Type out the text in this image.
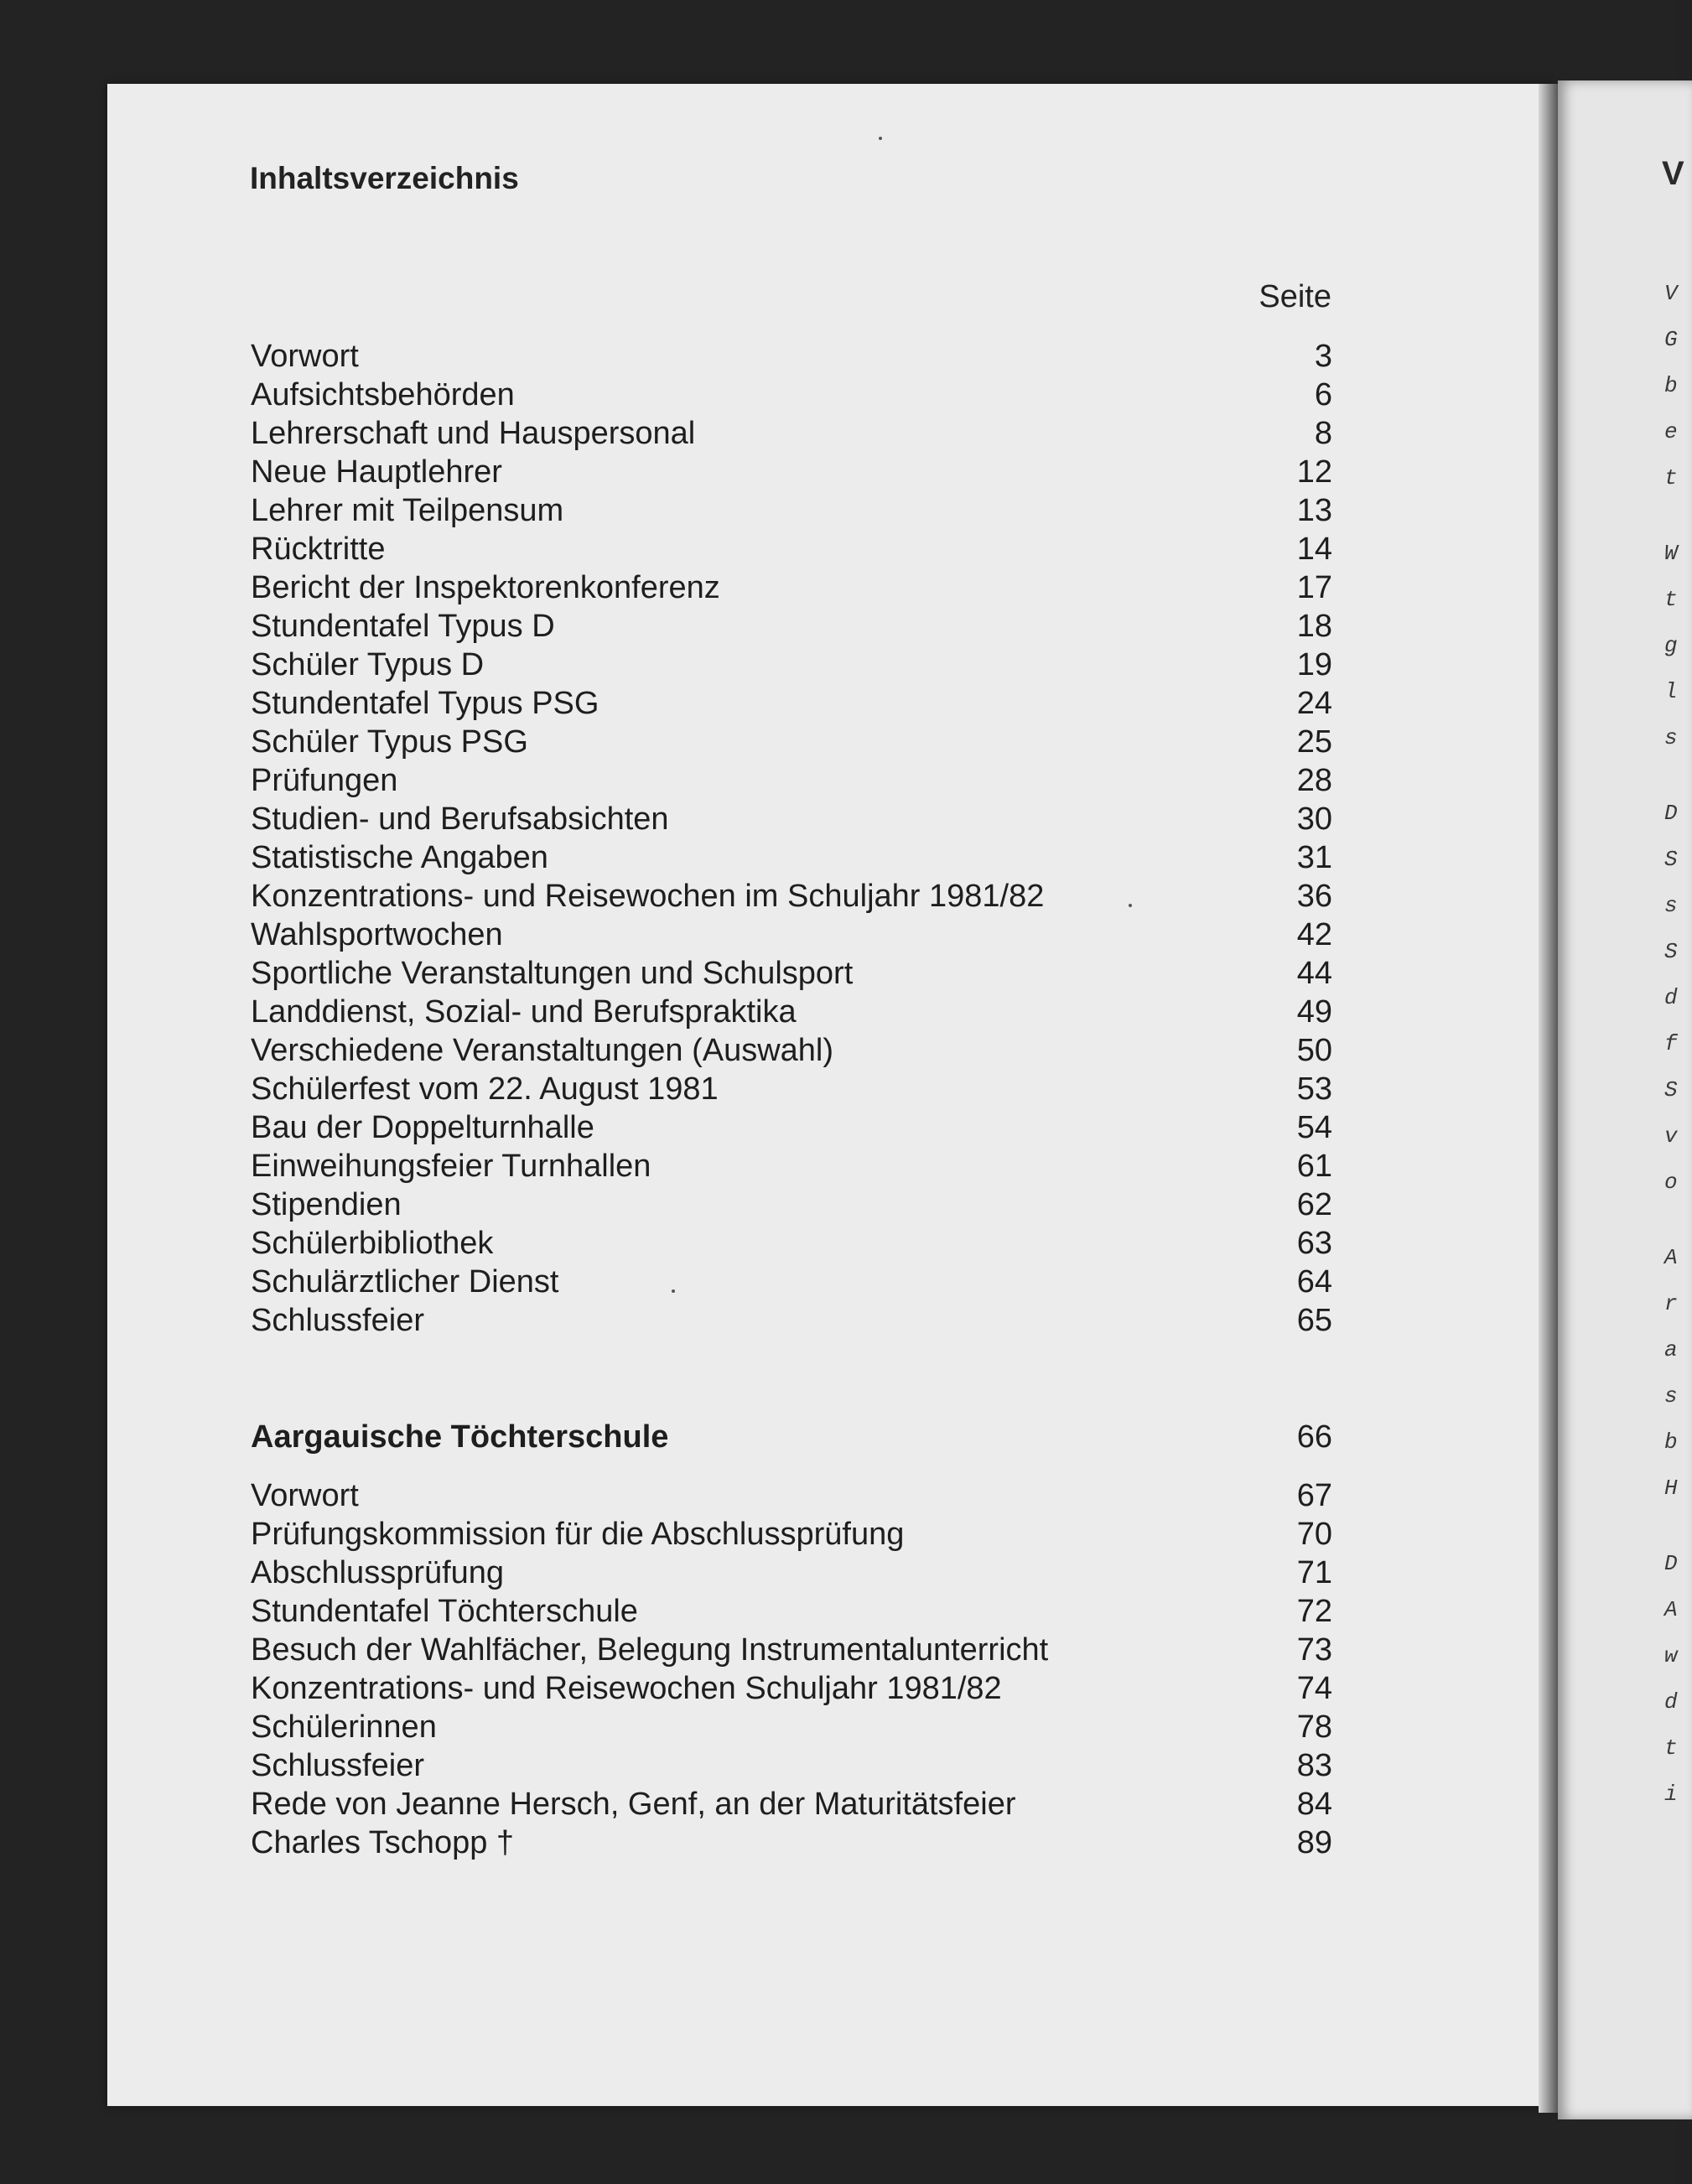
V
V
G
b
e
t
W
t
g
l
s
D
S
s
S
d
f
S
v
o
A
r
a
s
b
H
D
A
w
d
t
i
Inhaltsverzeichnis
Seite
Vorwort	3
Aufsichtsbehörden	6
Lehrerschaft und Hauspersonal	8
Neue Hauptlehrer	12
Lehrer mit Teilpensum	13
Rücktritte	14
Bericht der Inspektorenkonferenz	17
Stundentafel Typus D	18
Schüler Typus D	19
Stundentafel Typus PSG	24
Schüler Typus PSG	25
Prüfungen	28
Studien- und Berufsabsichten	30
Statistische Angaben	31
Konzentrations- und Reisewochen im Schuljahr 1981/82	36
Wahlsportwochen	42
Sportliche Veranstaltungen und Schulsport	44
Landdienst, Sozial- und Berufspraktika	49
Verschiedene Veranstaltungen (Auswahl)	50
Schülerfest vom 22. August 1981	53
Bau der Doppelturnhalle	54
Einweihungsfeier Turnhallen	61
Stipendien	62
Schülerbibliothek	63
Schulärztlicher Dienst	64
Schlussfeier	65
Aargauische Töchterschule	66
Vorwort	67
Prüfungskommission für die Abschlussprüfung	70
Abschlussprüfung	71
Stundentafel Töchterschule	72
Besuch der Wahlfächer, Belegung Instrumentalunterricht	73
Konzentrations- und Reisewochen Schuljahr 1981/82	74
Schülerinnen	78
Schlussfeier	83
Rede von Jeanne Hersch, Genf, an der Maturitätsfeier	84
Charles Tschopp †	89
